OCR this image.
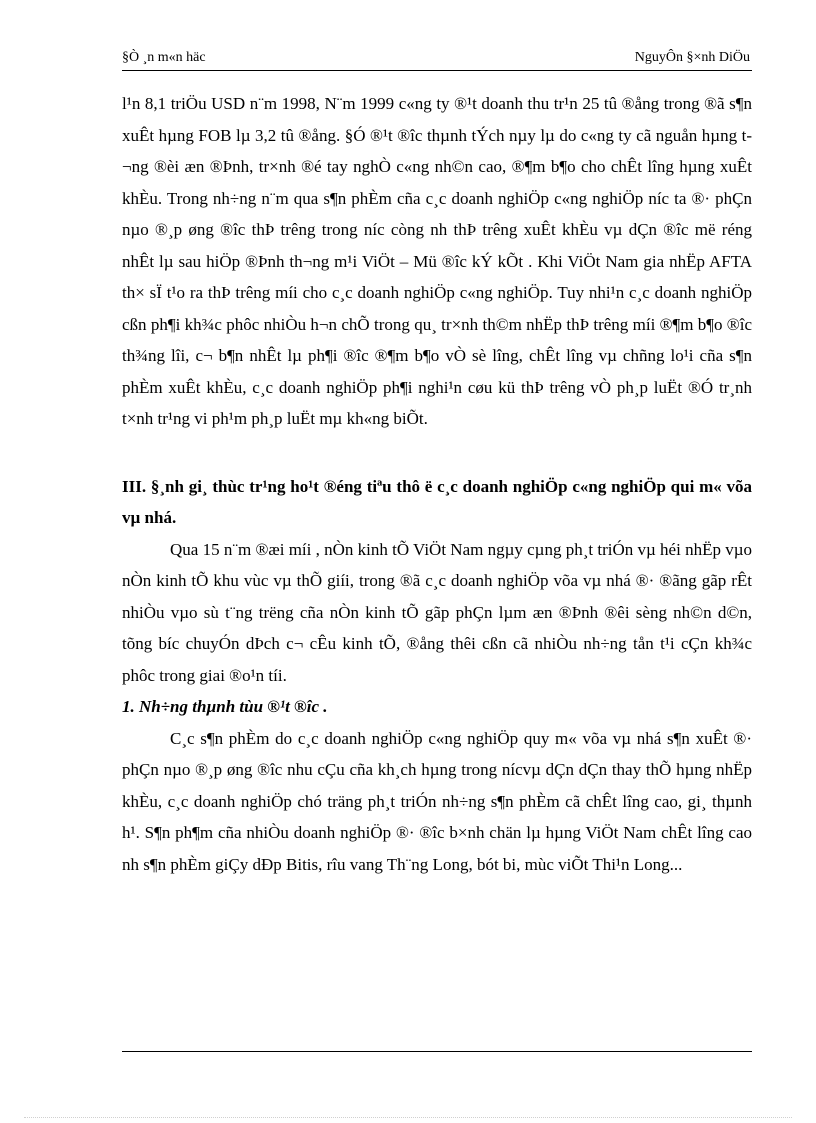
§Ò ¸n m«n häc	NguyÔn §×nh DiÖu

l¹n 8,1 triÖu USD n¨m 1998, N¨m 1999 c«ng ty ®¹t doanh thu tr¹n 25 tû ®ång trong ®ã s¶n xuÊt hµng FOB lµ 3,2 tû ®ång. §Ó ®¹t ®îc thµnh tÝch nµy lµ do c«ng ty cã nguån hµng t¬ng ®èi æn ®Þnh, tr×nh ®é tay nghÒ c«ng nh©n cao, ®¶m b¶o cho chÊt lîng hµng xuÊt khÈu. Trong nh÷ng n¨m qua s¶n phÈm cña c¸c doanh nghiÖp c«ng nghiÖp níc ta ®· phÇn nµo ®¸p øng ®îc thÞ trêng trong níc còng nh thÞ trêng xuÊt khÈu vµ dÇn ®îc më réng nhÊt lµ sau hiÖp ®Þnh th¬ng m¹i ViÖt – Mü ®îc kÝ kÕt . Khi ViÖt Nam gia nhËp AFTA th× sÏ t¹o ra thÞ trêng míi cho c¸c doanh nghiÖp c«ng nghiÖp. Tuy nhi¹n c¸c doanh nghiÖp cßn ph¶i kh¾c phôc nhiÒu h¬n chÕ trong qu¸ tr×nh th©m nhËp thÞ trêng míi ®¶m b¶o ®îc th¾ng lîi, c¬ b¶n nhÊt lµ ph¶i ®îc ®¶m b¶o vÒ sè lîng, chÊt lîng vµ chñng lo¹i cña s¶n phÈm xuÊt khÈu, c¸c doanh nghiÖp ph¶i nghi¹n cøu kü thÞ trêng vÒ ph¸p luËt ®Ó tr¸nh t×nh tr¹ng vi ph¹m ph¸p luËt mµ kh«ng biÕt.

III. §¸nh gi¸ thùc tr¹ng ho¹t ®éng tiªu thô ë c¸c doanh nghiÖp c«ng nghiÖp qui m« võa vµ nhá.

Qua 15 n¨m ®æi míi , nÒn kinh tÕ ViÖt Nam ngµy cµng ph¸t triÓn vµ héi nhËp vµo nÒn kinh tÕ khu vùc vµ thÕ giíi, trong ®ã c¸c doanh nghiÖp võa vµ nhá ®· ®ãng gãp rÊt nhiÒu vµo sù t¨ng trëng cña nÒn kinh tÕ gãp phÇn lµm æn ®Þnh ®êi sèng nh©n d©n, tõng bíc chuyÓn dÞch c¬ cÊu kinh tÕ, ®ång thêi cßn cã nhiÒu nh÷ng tån t¹i cÇn kh¾c phôc trong giai ®o¹n tíi.

1. Nh÷ng thµnh tùu ®¹t ®îc .

C¸c s¶n phÈm do c¸c doanh nghiÖp c«ng nghiÖp quy m« võa vµ nhá s¶n xuÊt ®· phÇn nµo ®¸p øng ®îc nhu cÇu cña kh¸ch hµng trong nícvµ dÇn dÇn thay thÕ hµng nhËp khÈu, c¸c doanh nghiÖp chó träng ph¸t triÓn nh÷ng s¶n phÈm cã chÊt lîng cao, gi¸ thµnh h¹. S¶n ph¶m cña nhiÒu doanh nghiÖp ®· ®îc b×nh chän lµ hµng ViÖt Nam chÊt lîng cao nh s¶n phÈm giÇy dÐp Bitis, rîu vang Th¨ng Long, bót bi, mùc viÕt Thi¹n Long...
